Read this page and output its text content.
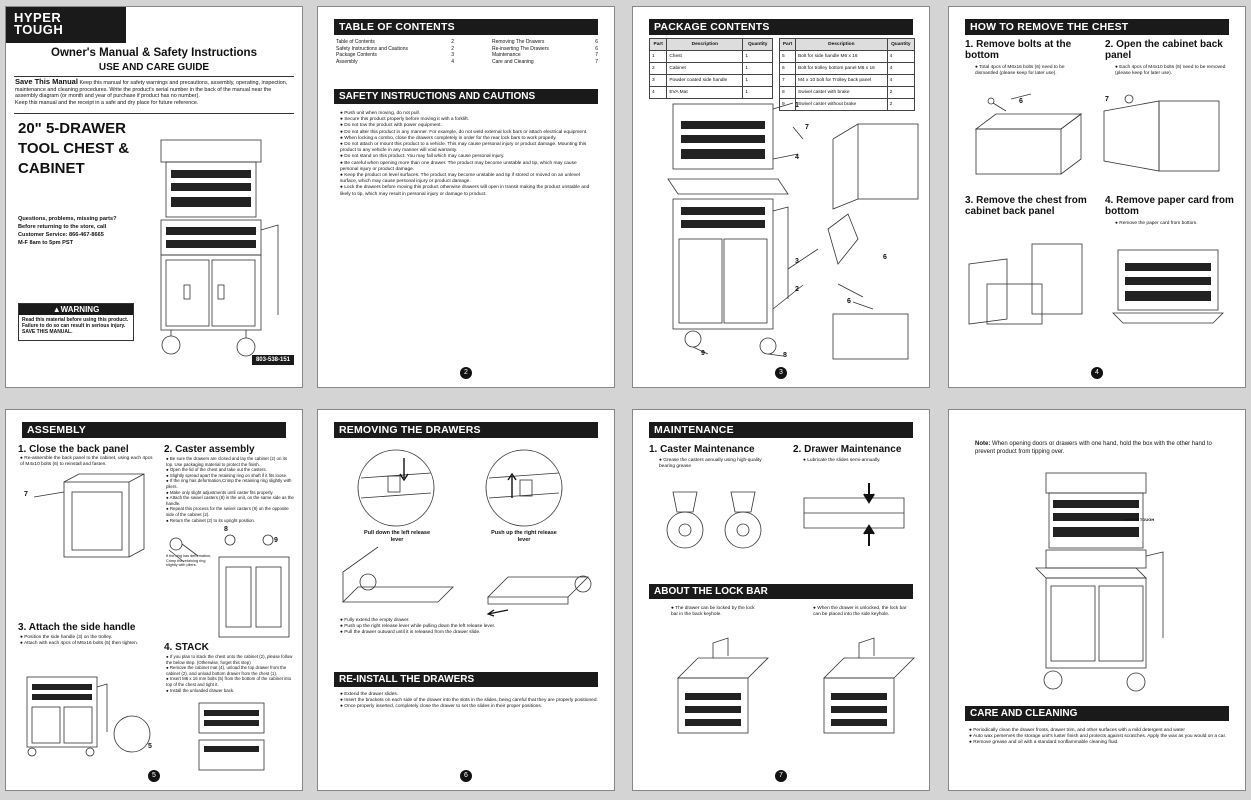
HYPER TOUGH
Owner's Manual & Safety Instructions
USE AND CARE GUIDE
Save This Manual Keep this manual for safety warnings and precautions, assembly, operating, inspection, maintenance and cleaning procedures. Write the product's serial number in the back of the manual near the assembly diagram (or month and year of purchase if product has no number).
Keep this manual and the receipt in a safe and dry place for future reference.
20" 5-DRAWER TOOL CHEST & CABINET
Questions, problems, missing parts?
Before returning to the store, call
Customer Service: 866-467-8665
M-F 8am to 5pm PST
▲WARNING
Read this material before using this product. Failure to do so can result in serious injury. SAVE THIS MANUAL.
803-538-151
TABLE OF CONTENTS
Table of Contents	2
Safety Instructions and Cautions	2
Package Contents	3
Assembly	4
Removing The Drawers	6
Re-inserting The Drawers	6
Maintenance	7
Care and Cleaning	7
SAFETY INSTRUCTIONS AND CAUTIONS
● Push unit when moving, do not pull.
● Secure this product properly before moving it with a forklift.
● Do not tow the product with power equipment.
● Do not alter this product in any manner. For example, do not weld external lock bars or attach electrical equipment.
● When locking a combo, close the drawers completely in order for the rear lock bars to work properly.
● Do not attach or mount this product to a vehicle. This may cause personal injury or product damage. Mounting this product to any vehicle in any manner will void warranty.
● Do not stand on this product. You may fall which may cause personal injury.
● Be careful when opening more than one drawer. The product may become unstable and tip, which may cause personal injury or product damage.
● Keep the product on level surfaces. The product may become unstable and tip if stored or moved on an unlevel surface, which may cause personal injury or product damage.
● Lock the drawers before moving this product otherwise drawers will open in transit making the product unstable and likely to tip, which may result in personal injury or damage to product.
2
PACKAGE CONTENTS
Part	Description	Quantity
1	Chest	1
2	Cabinet	1
3	Powder coated side handle	1
4	EVA Mat	1
Part	Description	Quantity
5	Bolt for side handle M6 x 16	4
6	Bolt for trolley bottom panel M6 x 16	4
7	M4 x 10 bolt for Trolley back panel	4
8	Swivel caster with brake	2
9	Swivel caster without brake	2
1
7
4
6
3
2
6
9	8
3
HOW TO REMOVE THE CHEST
1. Remove bolts at the bottom
● Total 4pcs of M6x16 bolts (6) need to be dismantled (please keep for later use).
2. Open the cabinet back panel
● Each 4pcs of M4x10 bolts (6) need to be removed (please keep for later use).
6	7
3. Remove the chest from cabinet back panel
4. Remove paper card from bottom
● Remove the paper card from bottom.
4
ASSEMBLY
1. Close the back panel
● Re-assemble the back panel to the cabinet, using each 4pcs of M4x10 bolts (6) to reinstall and fasten.
7
2. Caster assembly
● Be sure the drawers are closed and lay the cabinet (2) on its top. Use packaging material to protect the finish.
● Open the lid of the chest and take out the casters.
● Slightly spread apart the retaining ring on shaft if it fits loose.
● If the ring has deformation,Crimp the retaining ring slightly with pliers.
● Make only slight adjustments until caster fits properly.
● Attach the swivel casters (8) in the unit, on the same side as the handle.
● Repeat this process for the swivel casters (9) on the opposite side of the cabinet (2).
● Return the cabinet (2) to its upright position.
8
9
If the ring has deformation, Crimp the retaining ring slightly with pliers.
3. Attach the side handle
● Position the side handle (3) on the trolley.
● Attach with each 4pcs of M6x16 bolts (5) then tighten.
5
4. STACK
● If you plan to stack the chest onto the cabinet (2), please follow the below step. (Otherwise, forget this step)
● Remove the cabinet mat (4), unload the top drawer from the cabinet (2), and unload bottom drawer from the chest (1).
● Insert M6 x 16 mm bolts (5) from the bottom of the cabinet into top of the chest and tight it.
● Install the unloaded drawer back.
5
REMOVING THE DRAWERS
Pull down the left release lever
Push up the right release lever
● Fully extend the empty drawer.
● Push up the right release lever while pulling down the left release lever.
● Pull the drawer outward until it is released from the drawer slide.
RE-INSTALL THE DRAWERS
● Extend the drawer slides.
● Insert the brackets on each side of the drawer into the slots in the slides, being careful that they are properly positioned.
● Once properly inserted, completely close the drawer to set the slides in their proper positions.
6
MAINTENANCE
1. Caster Maintenance
● Grease the casters annually using high-quality bearing grease
2. Drawer Maintenance
● Lubricate the slides semi-annually.
ABOUT THE LOCK BAR
● The drawer can be locked by the lock bar in the back keyhole.
● When the drawer is unlocked, the lock bar can be placed into the side keyhole.
7
Note: When opening doors or drawers with one hand, hold the box with the other hand to prevent product from tipping over.
HYPER TOUGH
CARE AND CLEANING
● Periodically clean the drawer fronts, drawer trim, and other surfaces with a mild detergent and water
● Auto wax perserves the storage unit's luster finish and protects against scratches. Apply the wax as you would on a car.
● Remove grease and oil with a standard nonflammable cleaning fluid.
